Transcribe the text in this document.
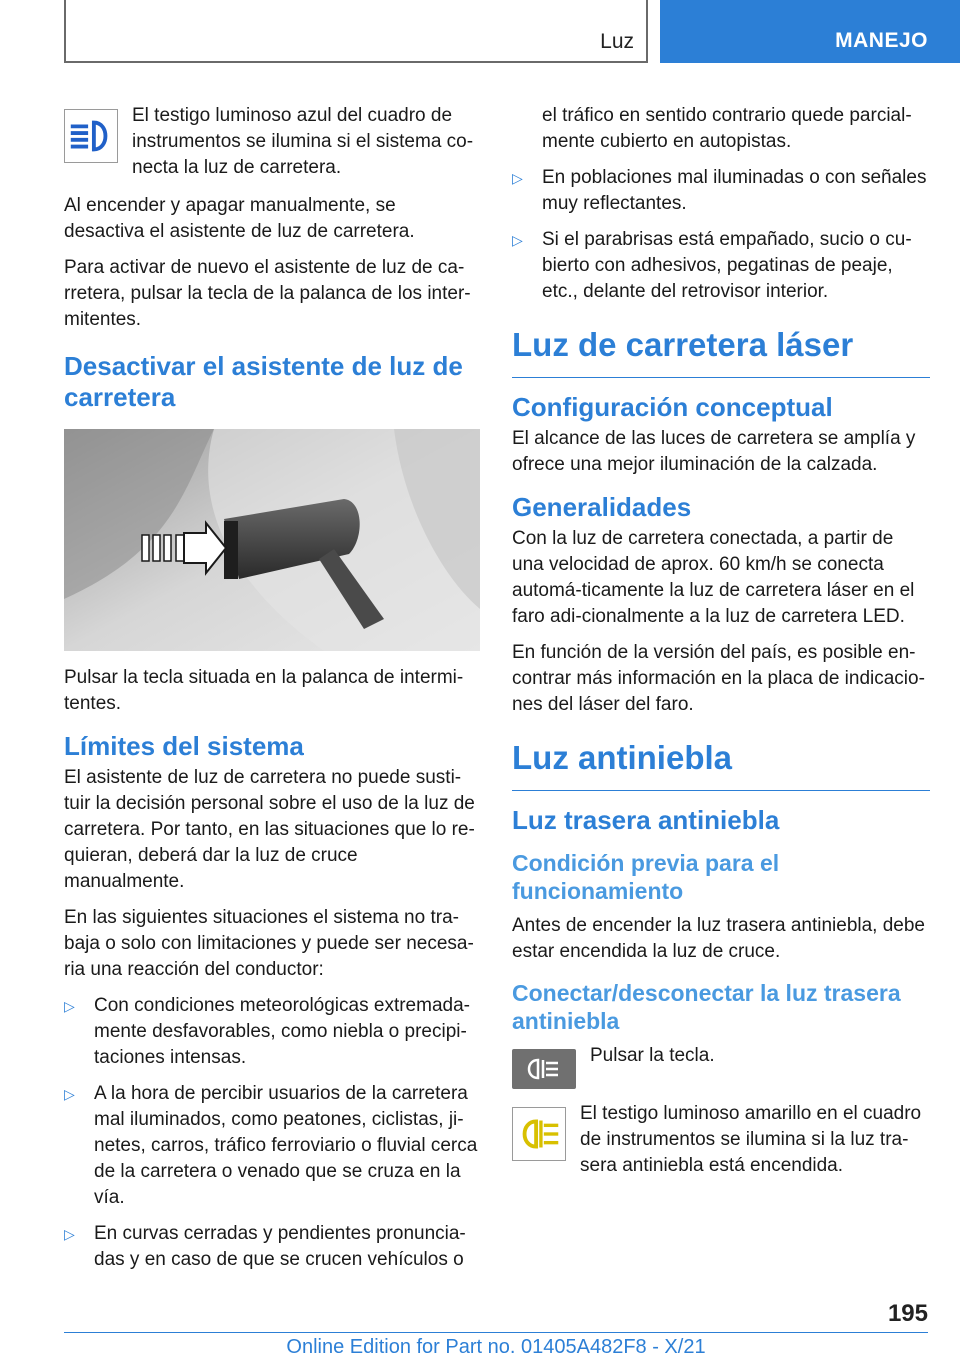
Luz	MANEJO
El testigo luminoso azul del cuadro de instrumentos se ilumina si el sistema co-necta la luz de carretera.

Al encender y apagar manualmente, se desactiva el asistente de luz de carretera.

Para activar de nuevo el asistente de luz de ca-rretera, pulsar la tecla de la palanca de los inter-mitentes.

Desactivar el asistente de luz de carretera

Pulsar la tecla situada en la palanca de intermi-tentes.

Límites del sistema

El asistente de luz de carretera no puede susti-tuir la decisión personal sobre el uso de la luz de carretera. Por tanto, en las situaciones que lo re-quieran, deberá dar la luz de cruce manualmente.

En las siguientes situaciones el sistema no tra-baja o solo con limitaciones y puede ser necesa-ria una reacción del conductor:

▷ Con condiciones meteorológicas extremada-mente desfavorables, como niebla o precipi-taciones intensas.
▷ A la hora de percibir usuarios de la carretera mal iluminados, como peatones, ciclistas, ji-netes, carros, tráfico ferroviario o fluvial cerca de la carretera o venado que se cruza en la vía.
▷ En curvas cerradas y pendientes pronuncia-das y en caso de que se crucen vehículos o
el tráfico en sentido contrario quede parcial-mente cubierto en autopistas.
▷ En poblaciones mal iluminadas o con señales muy reflectantes.
▷ Si el parabrisas está empañado, sucio o cu-bierto con adhesivos, pegatinas de peaje, etc., delante del retrovisor interior.
Luz de carretera láser
Configuración conceptual

El alcance de las luces de carretera se amplía y ofrece una mejor iluminación de la calzada.

Generalidades

Con la luz de carretera conectada, a partir de una velocidad de aprox. 60 km/h se conecta automá-ticamente la luz de carretera láser en el faro adi-cionalmente a la luz de carretera LED.

En función de la versión del país, es posible en-contrar más información en la placa de indicacio-nes del láser del faro.

Luz antiniebla
Luz trasera antiniebla
Condición previa para el funcionamiento

Antes de encender la luz trasera antiniebla, debe estar encendida la luz de cruce.

Conectar/desconectar la luz trasera antiniebla
Pulsar la tecla.
El testigo luminoso amarillo en el cuadro de instrumentos se ilumina si la luz tra-sera antiniebla está encendida.
195
Online Edition for Part no. 01405A482F8 - X/21
